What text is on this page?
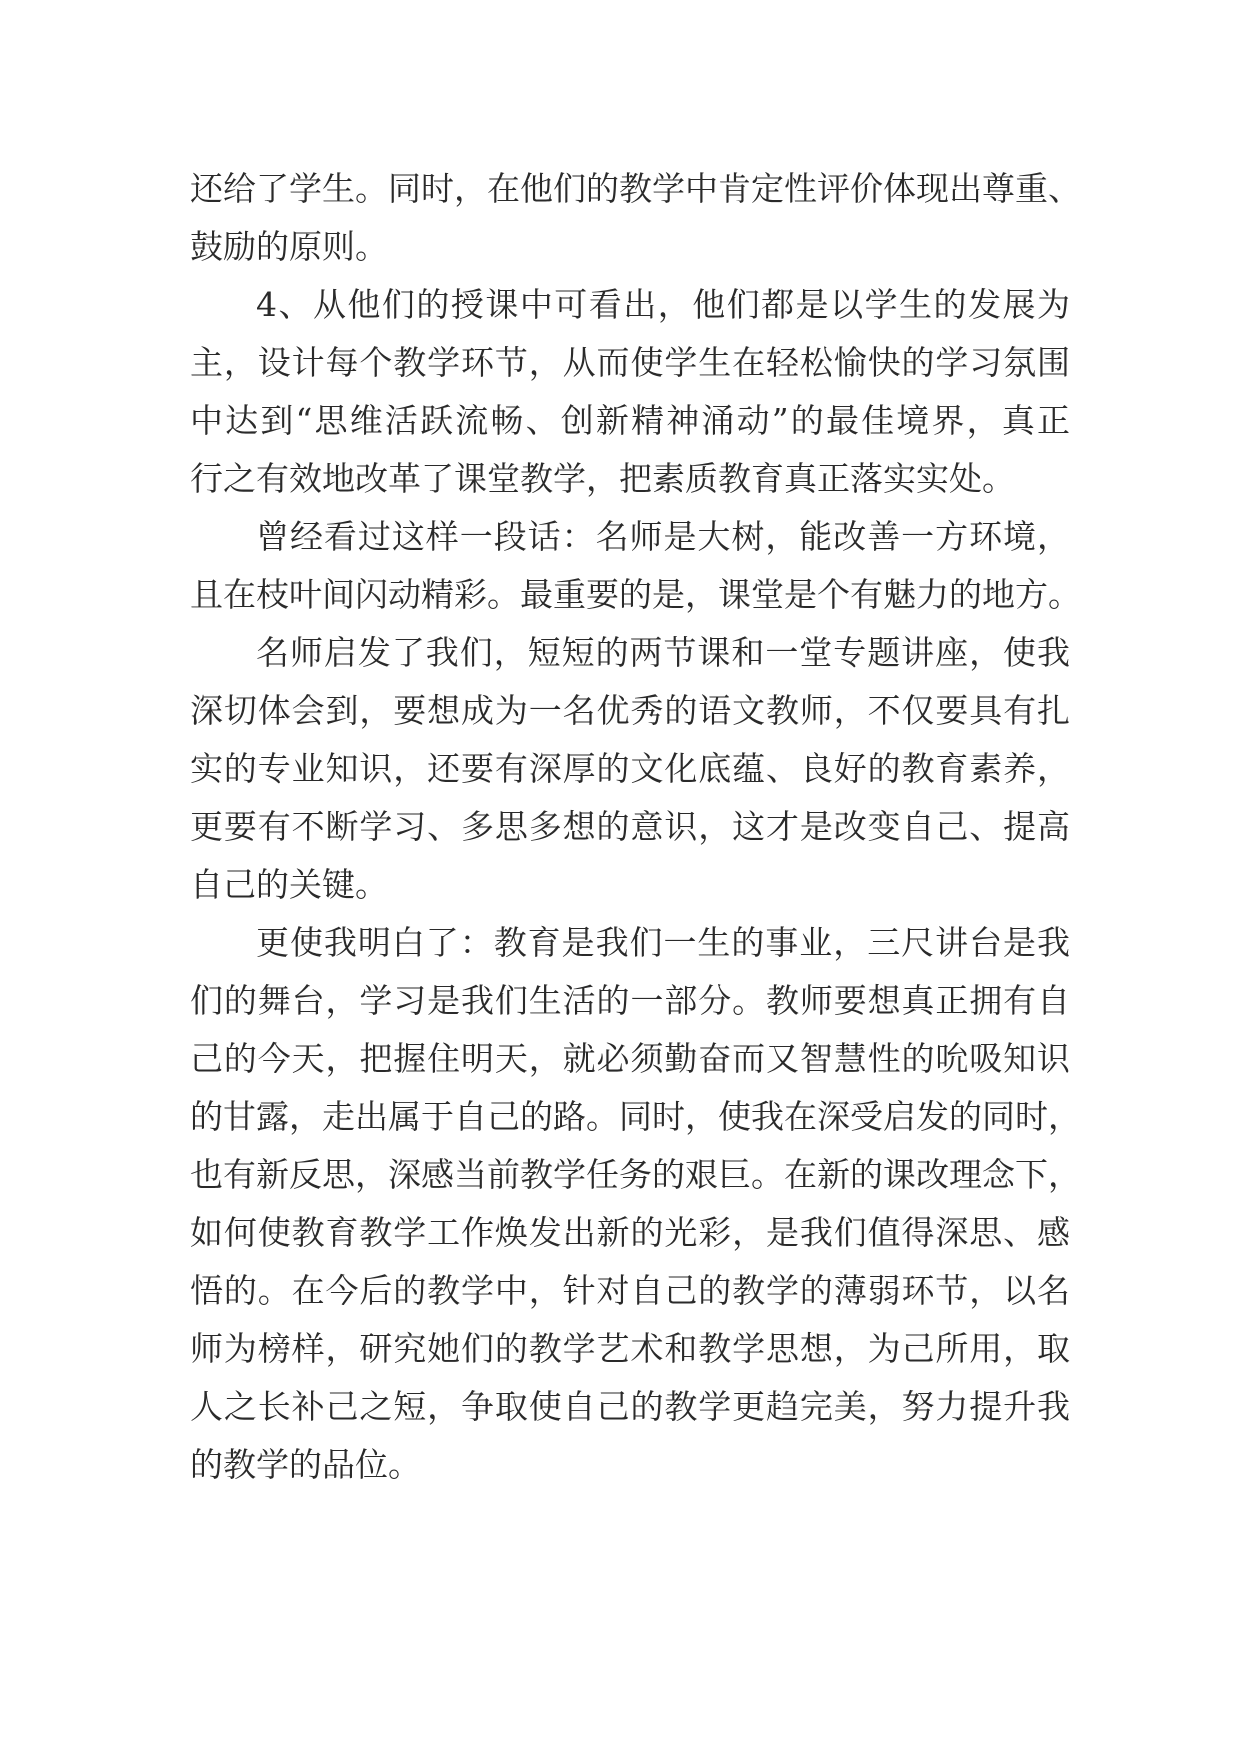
还给了学生。同时，在他们的教学中肯定性评价体现出尊重、

鼓励的原则。

4、从他们的授课中可看出，他们都是以学生的发展为

主，设计每个教学环节，从而使学生在轻松愉快的学习氛围

中达到“思维活跃流畅、创新精神涌动”的最佳境界，真正

行之有效地改革了课堂教学，把素质教育真正落实实处。

曾经看过这样一段话：名师是大树，能改善一方环境，

且在枝叶间闪动精彩。最重要的是，课堂是个有魅力的地方。

名师启发了我们，短短的两节课和一堂专题讲座，使我

深切体会到，要想成为一名优秀的语文教师，不仅要具有扎

实的专业知识，还要有深厚的文化底蕴、良好的教育素养，

更要有不断学习、多思多想的意识，这才是改变自己、提高

自己的关键。

更使我明白了：教育是我们一生的事业，三尺讲台是我

们的舞台，学习是我们生活的一部分。教师要想真正拥有自

己的今天，把握住明天，就必须勤奋而又智慧性的吮吸知识

的甘露，走出属于自己的路。同时，使我在深受启发的同时，

也有新反思，深感当前教学任务的艰巨。在新的课改理念下，

如何使教育教学工作焕发出新的光彩，是我们值得深思、感

悟的。在今后的教学中，针对自己的教学的薄弱环节，以名

师为榜样，研究她们的教学艺术和教学思想，为己所用，取

人之长补己之短，争取使自己的教学更趋完美，努力提升我

的教学的品位。
